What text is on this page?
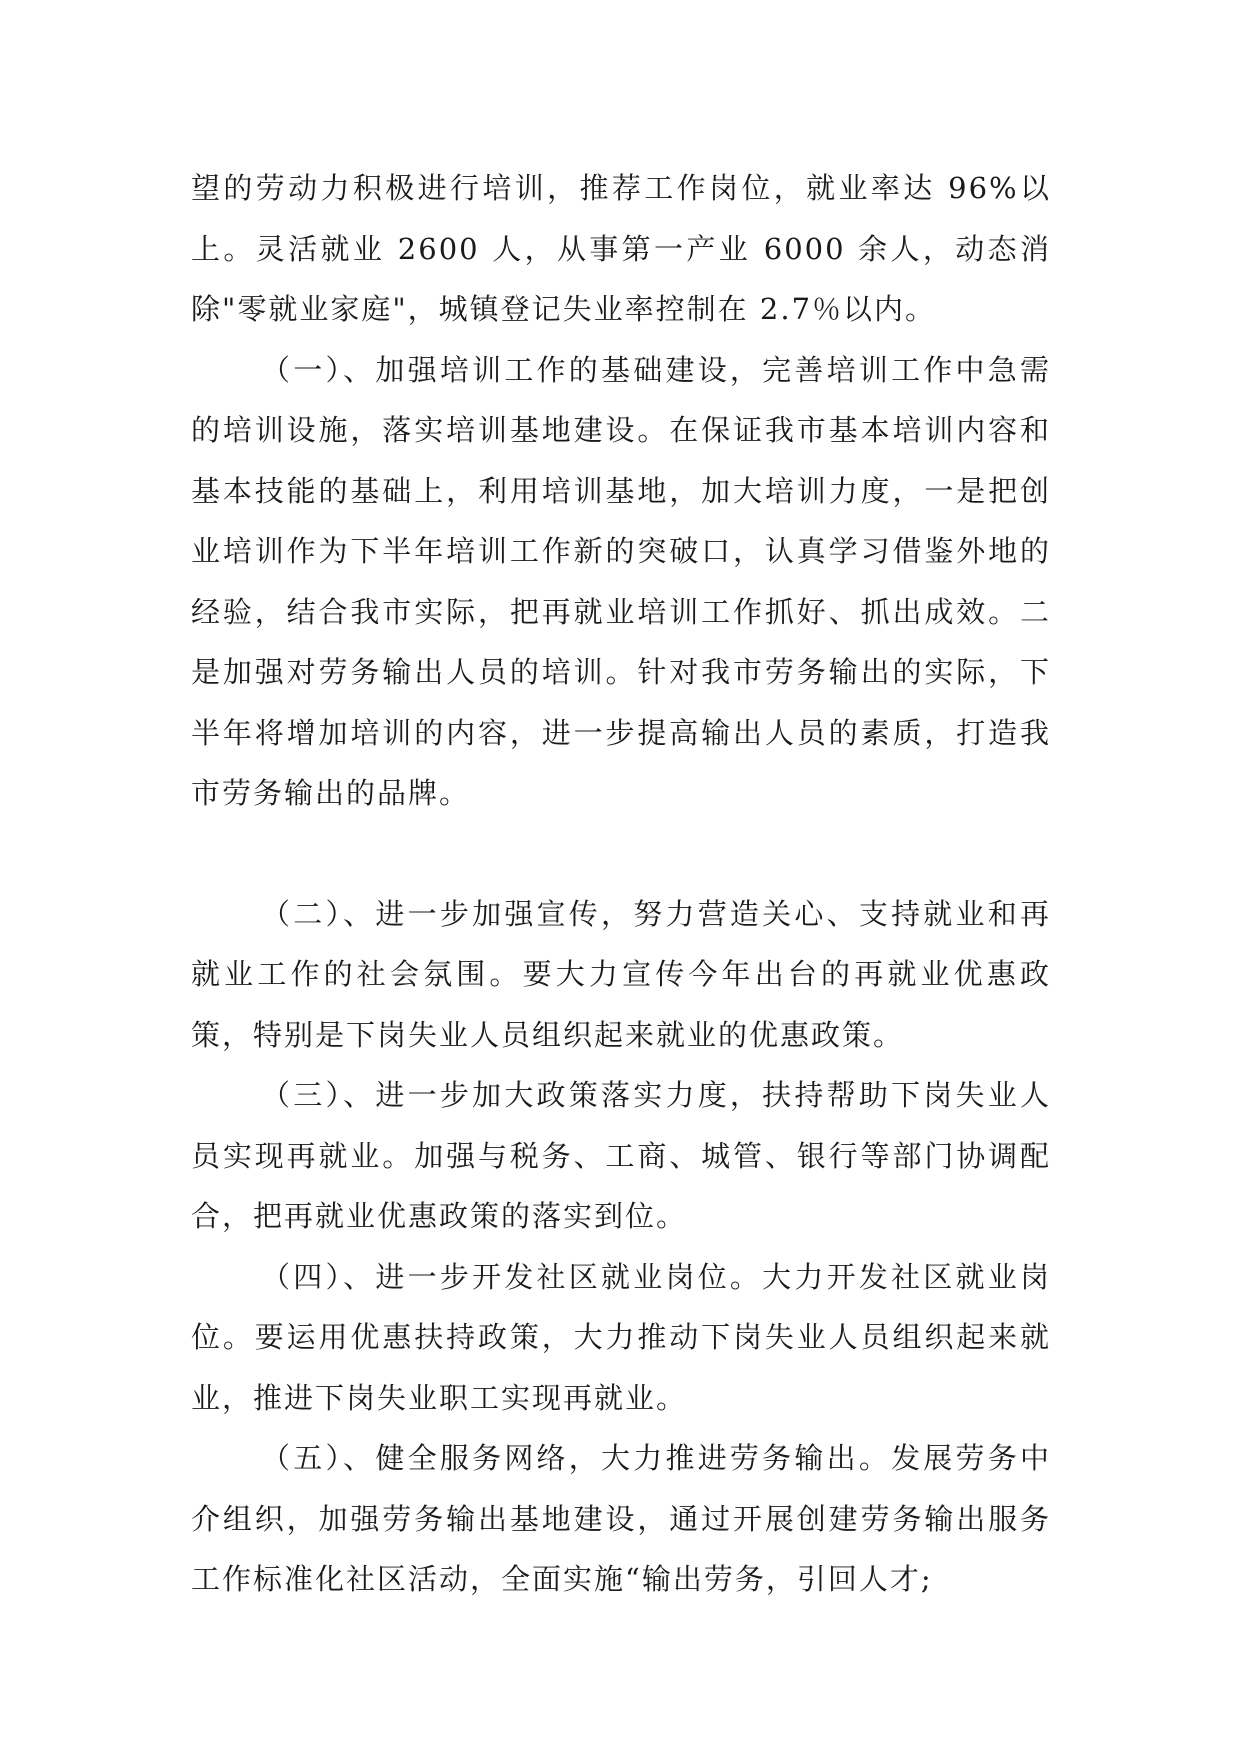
望的劳动力积极进行培训，推荐工作岗位，就业率达 96%以上。灵活就业 2600 人，从事第一产业 6000 余人，动态消除"零就业家庭"，城镇登记失业率控制在 2.7％以内。

（一）、加强培训工作的基础建设，完善培训工作中急需的培训设施，落实培训基地建设。在保证我市基本培训内容和基本技能的基础上，利用培训基地，加大培训力度，一是把创业培训作为下半年培训工作新的突破口，认真学习借鉴外地的经验，结合我市实际，把再就业培训工作抓好、抓出成效。二是加强对劳务输出人员的培训。针对我市劳务输出的实际，下半年将增加培训的内容，进一步提高输出人员的素质，打造我市劳务输出的品牌。

（二）、进一步加强宣传，努力营造关心、支持就业和再就业工作的社会氛围。要大力宣传今年出台的再就业优惠政策，特别是下岗失业人员组织起来就业的优惠政策。

（三）、进一步加大政策落实力度，扶持帮助下岗失业人员实现再就业。加强与税务、工商、城管、银行等部门协调配合，把再就业优惠政策的落实到位。

（四）、进一步开发社区就业岗位。大力开发社区就业岗位。要运用优惠扶持政策，大力推动下岗失业人员组织起来就业，推进下岗失业职工实现再就业。

（五）、健全服务网络，大力推进劳务输出。发展劳务中介组织，加强劳务输出基地建设，通过开展创建劳务输出服务工作标准化社区活动，全面实施“输出劳务，引回人才;
